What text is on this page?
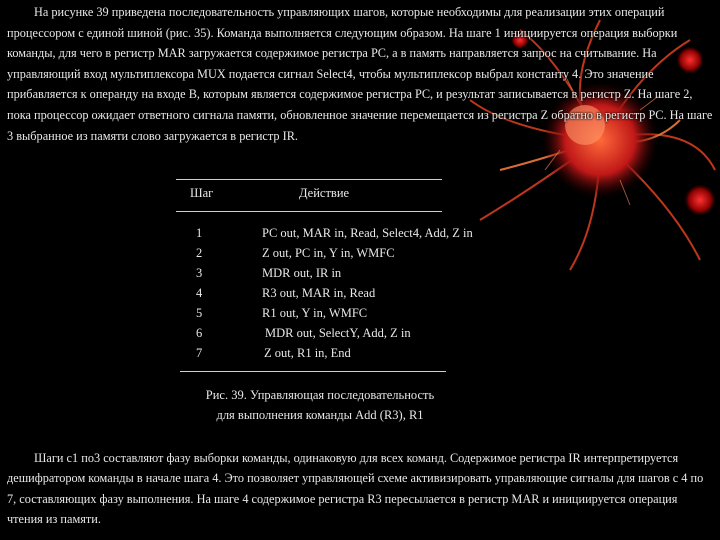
На рисунке 39 приведена последовательность управляющих шагов, которые необходимы для реализации этих операций процессором с единой шиной (рис. 35). Команда выполняется следующим образом. На шаге 1 инициируется операция выборки команды, для чего в регистр MAR загружается содержимое регистра PC, а в память направляется запрос на считывание. На управляющий вход мультиплексора MUX подается сигнал Select4, чтобы мультиплексор выбрал константу 4. Это значение прибавляется к операнду на входе B, которым является содержимое регистра PC, и результат записывается в регистр Z. На шаге 2, пока процессор ожидает ответного сигнала памяти, обновленное значение перемещается из регистра Z обратно в регистр PC. На шаге 3 выбранное из памяти слово загружается в регистр IR.
Шаг	Действие
1	PC out, MAR in, Read, Select4, Add, Z in
2	Z out, PC in, Y in, WMFC
3	MDR out, IR in
4	R3 out, MAR in, Read
5	R1 out, Y in, WMFC
6	MDR out, SelectY, Add, Z in
7	Z out, R1 in, End
Рис. 39. Управляющая последовательность
для выполнения команды Add (R3), R1
Шаги с1 по3 составляют фазу выборки команды, одинаковую для всех команд. Содержимое регистра IR интерпретируется дешифратором команды в начале шага 4. Это позволяет управляющей схеме активизировать управляющие сигналы для шагов с 4 по 7, составляющих фазу выполнения. На шаге 4 содержимое регистра R3 пересылается в регистр MAR и инициируется операция чтения из памяти.
